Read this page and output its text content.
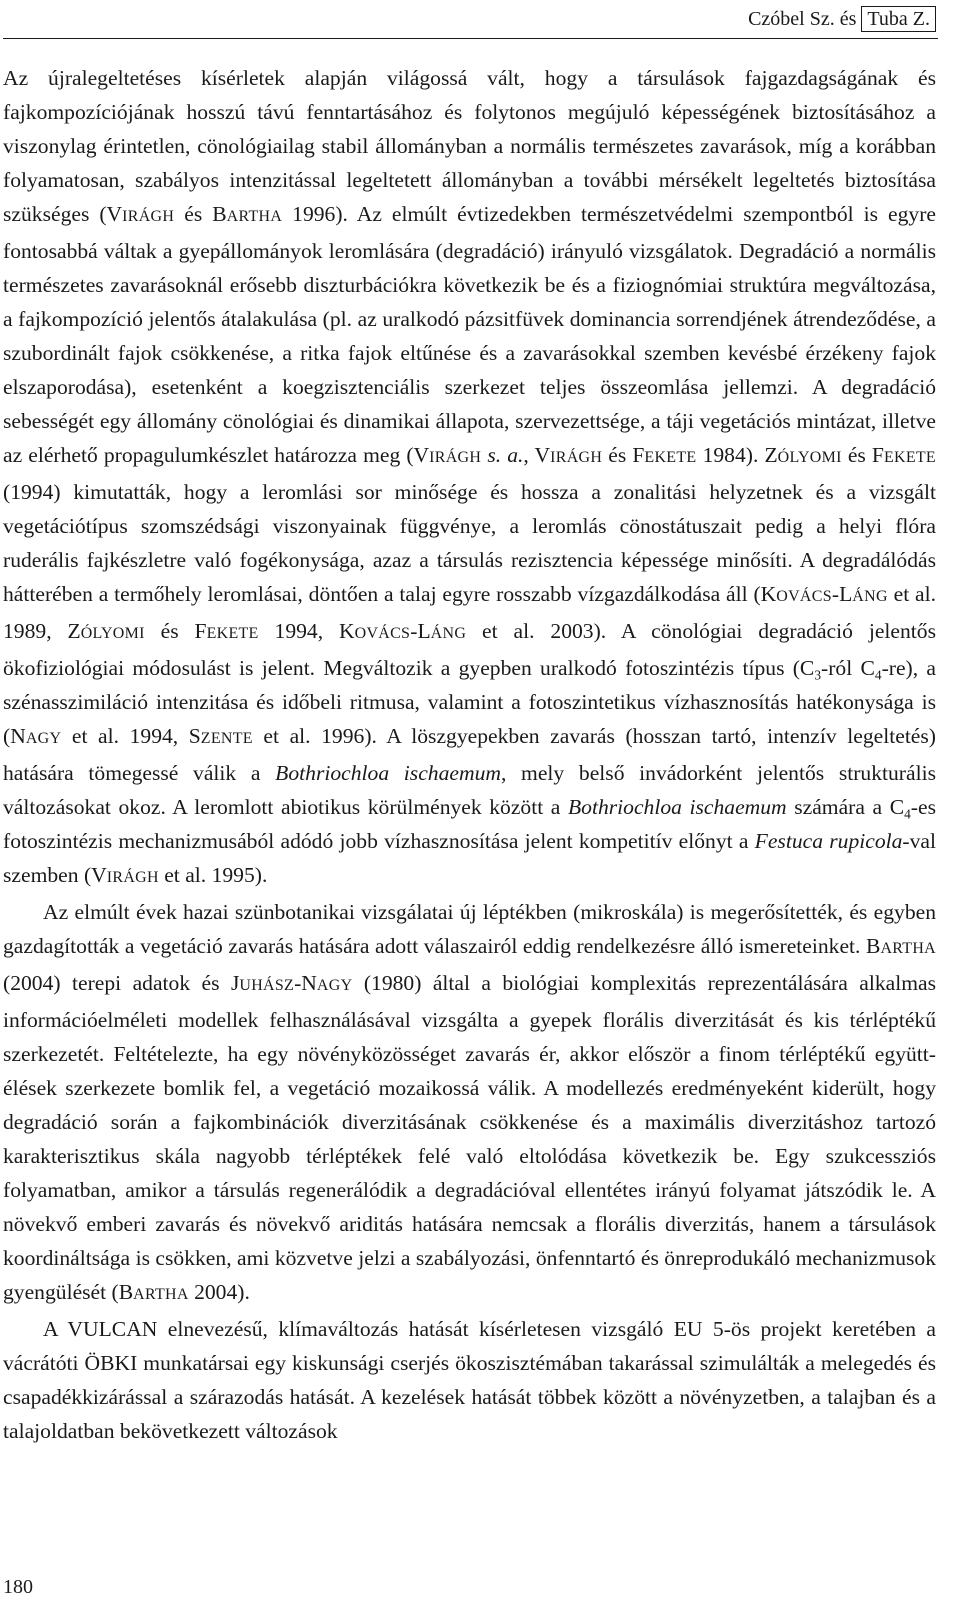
Czóbel Sz. és Tuba Z.

Az újralegeltetéses kísérletek alapján világossá vált, hogy a társulások fajgazdagságának és fajkompozíciójának hosszú távú fenntartásához és folytonos megújuló képességének biztosításához a viszonylag érintetlen, cönológiailag stabil állományban a normális természetes zavarások, míg a korábban folyamatosan, szabályos intenzitással legeltetett állományban a további mérsékelt legeltetés biztosítása szükséges (VIRÁGH és BARTHA 1996). Az elmúlt évtizedekben természetvédelmi szempontból is egyre fontosabbá váltak a gyepállományok leromlására (degradáció) irányuló vizsgálatok. Degradáció a normális természetes zavarásoknál erősebb diszturbációkra következik be és a fiziognómiai struktúra megváltozása, a fajkompozíció jelentős átalakulása (pl. az uralkodó pázsitfüvek dominancia sorrendjének átrendeződése, a szubordinált fajok csökkenése, a ritka fajok eltűnése és a zavarásokkal szemben kevésbé érzékeny fajok elszaporodása), esetenként a koegzisztenciális szerkezet teljes összeomlása jellemzi. A degradáció sebességét egy állomány cönológiai és dinamikai állapota, szervezettsége, a táji vegetációs mintázat, illetve az elérhető propagulumkészlet határozza meg (VIRÁGH s. a., VIRÁGH és FEKETE 1984). ZÓLYOMI és FEKETE (1994) kimutatták, hogy a leromlási sor minősége és hossza a zonalitási helyzetnek és a vizsgált vegetációtípus szomszédsági viszonyainak függvénye, a leromlás cönostátuszait pedig a helyi flóra ruderális fajkészletre való fogékonysága, azaz a társulás rezisztencia képessége minősíti. A degradálódás hátterében a termőhely leromlásai, döntően a talaj egyre rosszabb vízgazdálkodása áll (KOVÁCS-LÁNG et al. 1989, ZÓLYOMI és FEKETE 1994, KOVÁCS-LÁNG et al. 2003). A cönológiai degradáció jelentős ökofiziológiai módosulást is jelent. Megváltozik a gyepben uralkodó fotoszintézis típus ($C_3$-ról $C_4-re$), a szénasszimiláció intenzitása és időbeli ritmusa, valamint a fotoszintetikus vízhasznosítás hatékonysága is (NAGY et al. 1994, SZENTE et al. 1996). A löszgyepekben zavarás (hosszan tartó, intenzív legeltetés) hatására tömegessé válik a Bothriochloa ischaemum, mely belső invádorként jelentős strukturális változásokat okoz. A leromlott abiotikus körülmények között a Bothriochloa ischaemum számára a $C_4-es$ fotoszintézis mechanizmusából adódó jobb vízhasznosítása jelent kompetitív előnyt a Festuca rupicola-val szemben (VIRÁGH et al. 1995).

Az elmúlt évek hazai szünbotanikai vizsgálatai új léptékben (mikroskála) is megerősítették, és egyben gazdagították a vegetáció zavarás hatására adott válaszairól eddig rendelkezésre álló ismereteinket. BARTHA (2004) terepi adatok és JUHÁSZ-NAGY (1980) által a biológiai komplexitás reprezentálására alkalmas információelméleti modellek felhasználásával vizsgálta a gyepek florális diverzitását és kis térléptékű szerkezetét. Feltételezte, ha egy növényközösséget zavarás ér, akkor először a finom térléptékű együttélések szerkezete bomlik fel, a vegetáció mozaikossá válik. A modellezés eredményeként kiderült, hogy degradáció során a fajkombinációk diverzitásának csökkenése és a maximális diverzitáshoz tartozó karakterisztikus skála nagyobb térléptékek felé való eltolódása következik be. Egy szukcessziós folyamatban, amikor a társulás regenerálódik a degradációval ellentétes irányú folyamat játszódik le. A növekvő emberi zavarás és növekvő ariditás hatására nemcsak a florális diverzitás, hanem a társulások koordináltsága is csökken, ami közvetve jelzi a szabályozási, önfenntartó és önreprodukáló mechanizmusok gyengülését (BARTHA 2004).

A VULCAN elnevezésű, klímaváltozás hatását kísérletesen vizsgáló EU 5-ös projekt keretében a vácrátóti ÖBKI munkatársai egy kiskunsági cserjés ökoszisztémában takarással szimulálták a melegedés és csapadékkizárással a szárazodás hatását. A kezelések hatását többek között a növényzetben, a talajban és a talajoldatban bekövetkezett változások

180
